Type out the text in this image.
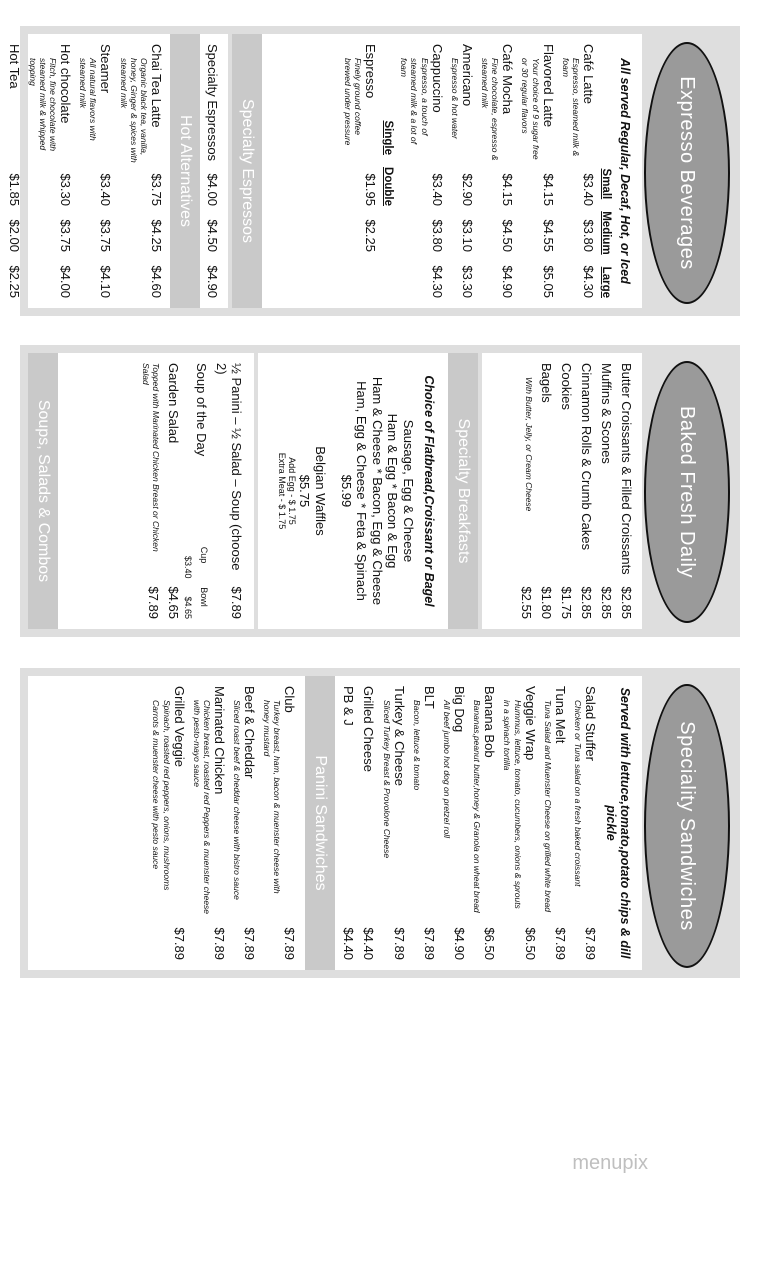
Expresso Beverages
All served Regular, Decaf, Hot, or Iced
Small
Medium
Large
Café Latte
Espresso, steamed milk & foam
$3.40
$3.80
$4.30
Flavored Latte
Your choice of 9 sugar free or 30 regular flavors
$4.15
$4.55
$5.05
Café Mocha
Fine chocolate, espresso & steamed milk
$4.15
$4.50
$4.90
Americano
Espresso & hot water
$2.90
$3.10
$3.30
Cappuccino
Espresso, a touch of steamed milk & a lot of foam
$3.40
$3.80
$4.30
Single
Double
Espresso
Finely ground coffee brewed under pressure
$1.95
$2.25
Specialty Espressos
Specialty Espressos
$4.00
$4.50
$4.90
Hot Alternatives
Chai Tea Latte
Organic black tea, vanilla, honey, Ginger & spices with steamed milk
$3.75
$4.25
$4.60
Steamer
All natural flavors with steamed milk
$3.40
$3.75
$4.10
Hot chocolate
Fitch, fine chocolate with steamed milk & whipped topping
$3.30
$3.75
$4.00
Hot Tea
$1.85
$2.00
$2.25
Baked Fresh Daily
Butter Croissants & Filled Croissants
$2.85
Muffins & Scones
$2.85
Cinnamon Rolls & Crumb Cakes
$2.85
Cookies
$1.75
Bagels
$1.80
With Butter, Jelly, or Cream Cheese
$2.55
Specialty Breakfasts
Choice of Flatbread,Croissant or Bagel
Sausage, Egg & Cheese
Ham & Egg * Bacon & Egg
Ham & Cheese * Bacon, Egg & Cheese
Ham, Egg & Cheese * Feta & Spinach
$5.99
Belgian Waffles
$5.75
Add Egg - $ 1.75
Extra Meat - $ 1.75
Soups, Salads & Combos	½ Panini – ½ Salad – Soup (choose 2)
$7.89
Soup of the Day
Cup
Bowl
$3.40
$4.65
Garden Salad
$4.65
Topped with Marinated Chicken Breast or Chicken Salad
$7.89
Speciality Sandwiches
Served with lettuce,tomato,potato chips & dill pickle
Salad Stuffer
Chicken or Tuna salad on a fresh baked croissant
$7.89
Tuna Melt
Tuna Salad and Muenster Cheese on grilled white bread
$7.89
Veggie Wrap
Hummus, lettuce, tomato, cucumbers, onions & sprouts in a spinach tortilla
$6.50
Banana Bob
Bananas,peanut butter,honey & Granola on wheat bread
$6.50
Big Dog
All beef jumbo hot dog on pretzel roll
$4.90
BLT
Bacon, lettuce & tomato
$7.89
Turkey & Cheese
Sliced Turkey Breast & Provolone Cheese
$7.89
Grilled Cheese
$4.40
PB & J
$4.40
Panini Sandwiches
Club
Turkey breast, ham, bacon & muenster cheese with honey mustard
$7.89
Beef & Cheddar
Sliced roast beef & cheddar cheese with bistro sauce
$7.89
Marinated Chicken
Chicken breast, roasted red Peppers & muenster cheese with pesto-mayo sauce
$7.89
Grilled Veggie
Spinach, roasted red peppers, onions, mushrooms Carrots & muenster cheese with pesto sauce
$7.89
menupix
